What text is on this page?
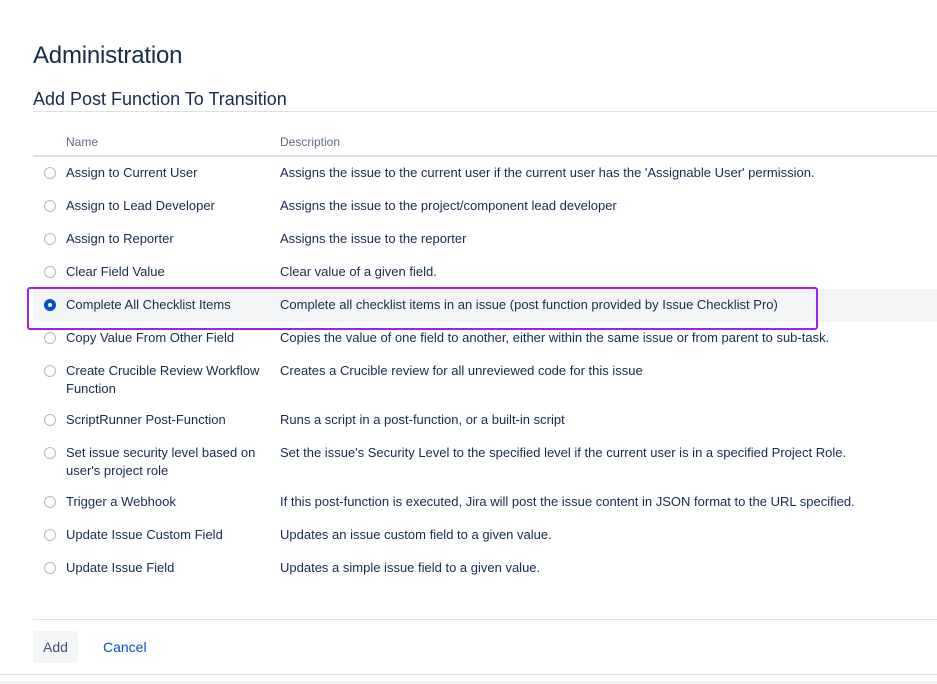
Administration
Add Post Function To Transition
	Name	Description
	Assign to Current User	Assigns the issue to the current user if the current user has the 'Assignable User' permission.
	Assign to Lead Developer	Assigns the issue to the project/component lead developer
	Assign to Reporter	Assigns the issue to the reporter
	Clear Field Value	Clear value of a given field.
	Complete All Checklist Items	Complete all checklist items in an issue (post function provided by Issue Checklist Pro)
	Copy Value From Other Field	Copies the value of one field to another, either within the same issue or from parent to sub-task.
	Create Crucible Review Workflow Function	Creates a Crucible review for all unreviewed code for this issue
	ScriptRunner Post-Function	Runs a script in a post-function, or a built-in script
	Set issue security level based on user's project role	Set the issue's Security Level to the specified level if the current user is in a specified Project Role.
	Trigger a Webhook	If this post-function is executed, Jira will post the issue content in JSON format to the URL specified.
	Update Issue Custom Field	Updates an issue custom field to a given value.
	Update Issue Field	Updates a simple issue field to a given value.
Add	Cancel
